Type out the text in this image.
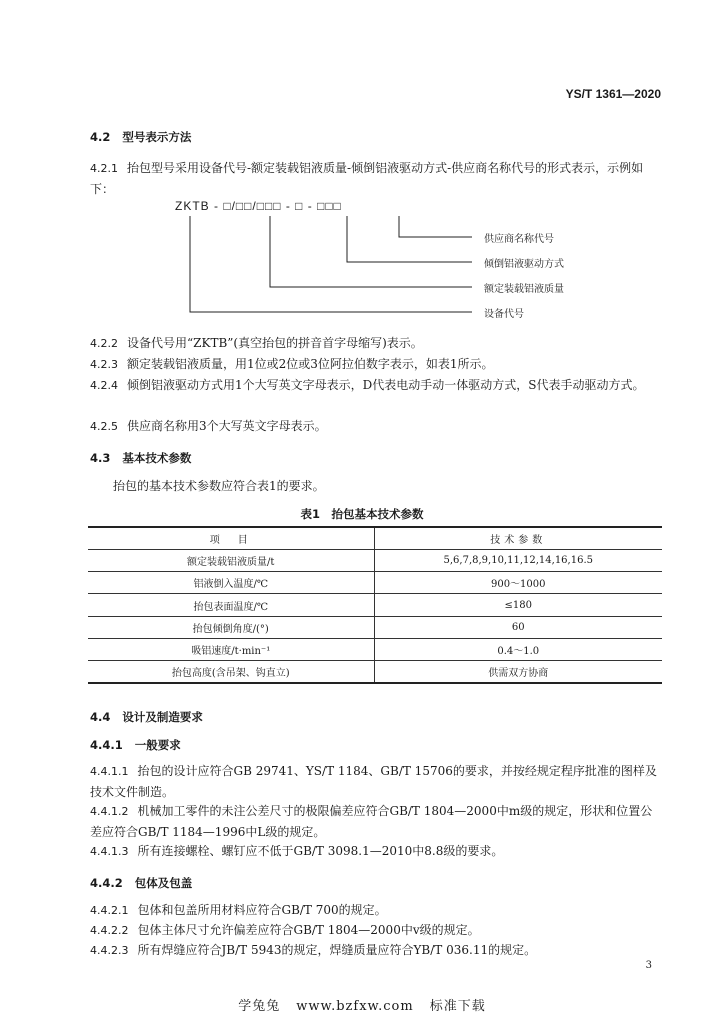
YS/T 1361—2020
4.2 型号表示方法
4.2.1 抬包型号采用设备代号-额定装载铝液质量-倾倒铝液驱动方式-供应商名称代号的形式表示，示例如下：
ZKTB - □/□□/□□□ - □ - □□□
供应商名称代号
倾倒铝液驱动方式
额定装载铝液质量
设备代号
4.2.2 设备代号用“ZKTB”(真空抬包的拼音首字母缩写)表示。
4.2.3 额定装载铝液质量，用1位或2位或3位阿拉伯数字表示，如表1所示。
4.2.4 倾倒铝液驱动方式用1个大写英文字母表示，D代表电动手动一体驱动方式，S代表手动驱动方式。
4.2.5 供应商名称用3个大写英文字母表示。
4.3 基本技术参数
抬包的基本技术参数应符合表1的要求。
表1　抬包基本技术参数
项　目	技术参数
额定装载铝液质量/t	5,6,7,8,9,10,11,12,14,16,16.5
铝液倒入温度/℃	900～1000
抬包表面温度/℃	≤180
抬包倾倒角度/(°)	60
吸铝速度/t·min⁻¹	0.4～1.0
抬包高度(含吊架、钩直立)	供需双方协商
4.4 设计及制造要求
4.4.1 一般要求
4.4.1.1 抬包的设计应符合GB 29741、YS/T 1184、GB/T 15706的要求，并按经规定程序批准的图样及技术文件制造。
4.4.1.2 机械加工零件的未注公差尺寸的极限偏差应符合GB/T 1804—2000中m级的规定，形状和位置公差应符合GB/T 1184—1996中L级的规定。
4.4.1.3 所有连接螺栓、螺钉应不低于GB/T 3098.1—2010中8.8级的要求。
4.4.2 包体及包盖
4.4.2.1 包体和包盖所用材料应符合GB/T 700的规定。
4.4.2.2 包体主体尺寸允许偏差应符合GB/T 1804—2000中v级的规定。
4.4.2.3 所有焊缝应符合JB/T 5943的规定，焊缝质量应符合YB/T 036.11的规定。
3
学兔兔 www.bzfxw.com 标准下载
